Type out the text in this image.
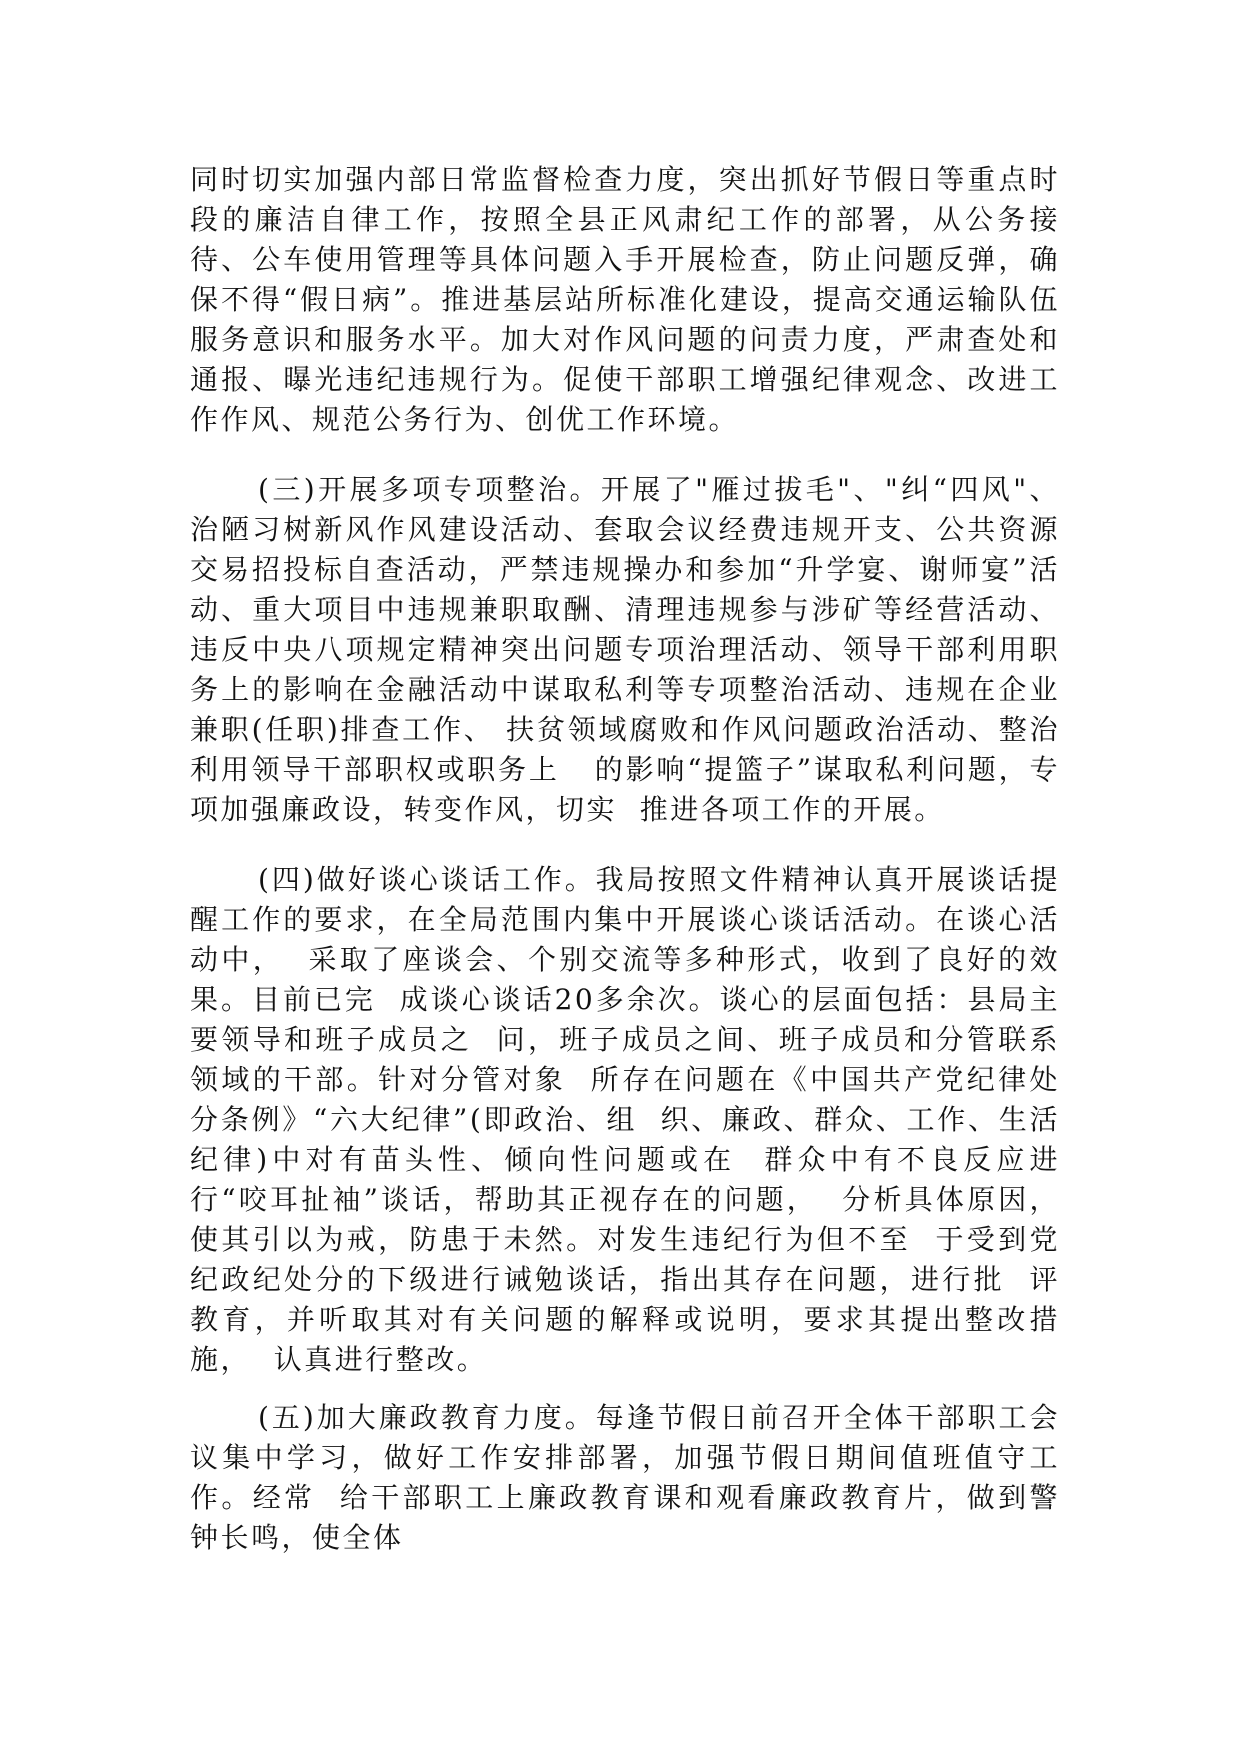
同时切实加强内部日常监督检查力度，突出抓好节假日等重点时段的廉洁自律工作，按照全县正风肃纪工作的部署，从公务接待、公车使用管理等具体问题入手开展检查，防止问题反弹，确保不得“假日病”。推进基层站所标准化建设，提高交通运输队伍服务意识和服务水平。加大对作风问题的问责力度，严肃查处和通报、曝光违纪违规行为。促使干部职工增强纪律观念、改进工作作风、规范公务行为、创优工作环境。

(三)开展多项专项整治。开展了"雁过拔毛"、"纠“四风"、治陋习树新风作风建设活动、套取会议经费违规开支、公共资源交易招投标自查活动，严禁违规操办和参加“升学宴、谢师宴”活动、重大项目中违规兼职取酬、清理违规参与涉矿等经营活动、违反中央八项规定精神突出问题专项治理活动、领导干部利用职务上的影响在金融活动中谋取私利等专项整治活动、违规在企业兼职(任职)排查工作、 扶贫领域腐败和作风问题政治活动、整治利用领导干部职权或职务上   的影响“提篮子”谋取私利问题，专项加强廉政设，转变作风，切实  推进各项工作的开展。

(四)做好谈心谈话工作。我局按照文件精神认真开展谈话提醒工作的要求，在全局范围内集中开展谈心谈话活动。在谈心活动中，  采取了座谈会、个别交流等多种形式，收到了良好的效果。目前已完  成谈心谈话20多余次。谈心的层面包括：县局主要领导和班子成员之  问，班子成员之间、班子成员和分管联系领域的干部。针对分管对象  所存在问题在《中国共产党纪律处分条例》“六大纪律”(即政治、组  织、廉政、群众、工作、生活纪律)中对有苗头性、倾向性问题或在  群众中有不良反应进行“咬耳扯袖”谈话，帮助其正视存在的问题，  分析具体原因，使其引以为戒，防患于未然。对发生违纪行为但不至  于受到党纪政纪处分的下级进行诫勉谈话，指出其存在问题，进行批  评教育，并听取其对有关问题的解释或说明，要求其提出整改措施，  认真进行整改。

(五)加大廉政教育力度。每逢节假日前召开全体干部职工会议集中学习，做好工作安排部署，加强节假日期间值班值守工作。经常  给干部职工上廉政教育课和观看廉政教育片，做到警钟长鸣，使全体
